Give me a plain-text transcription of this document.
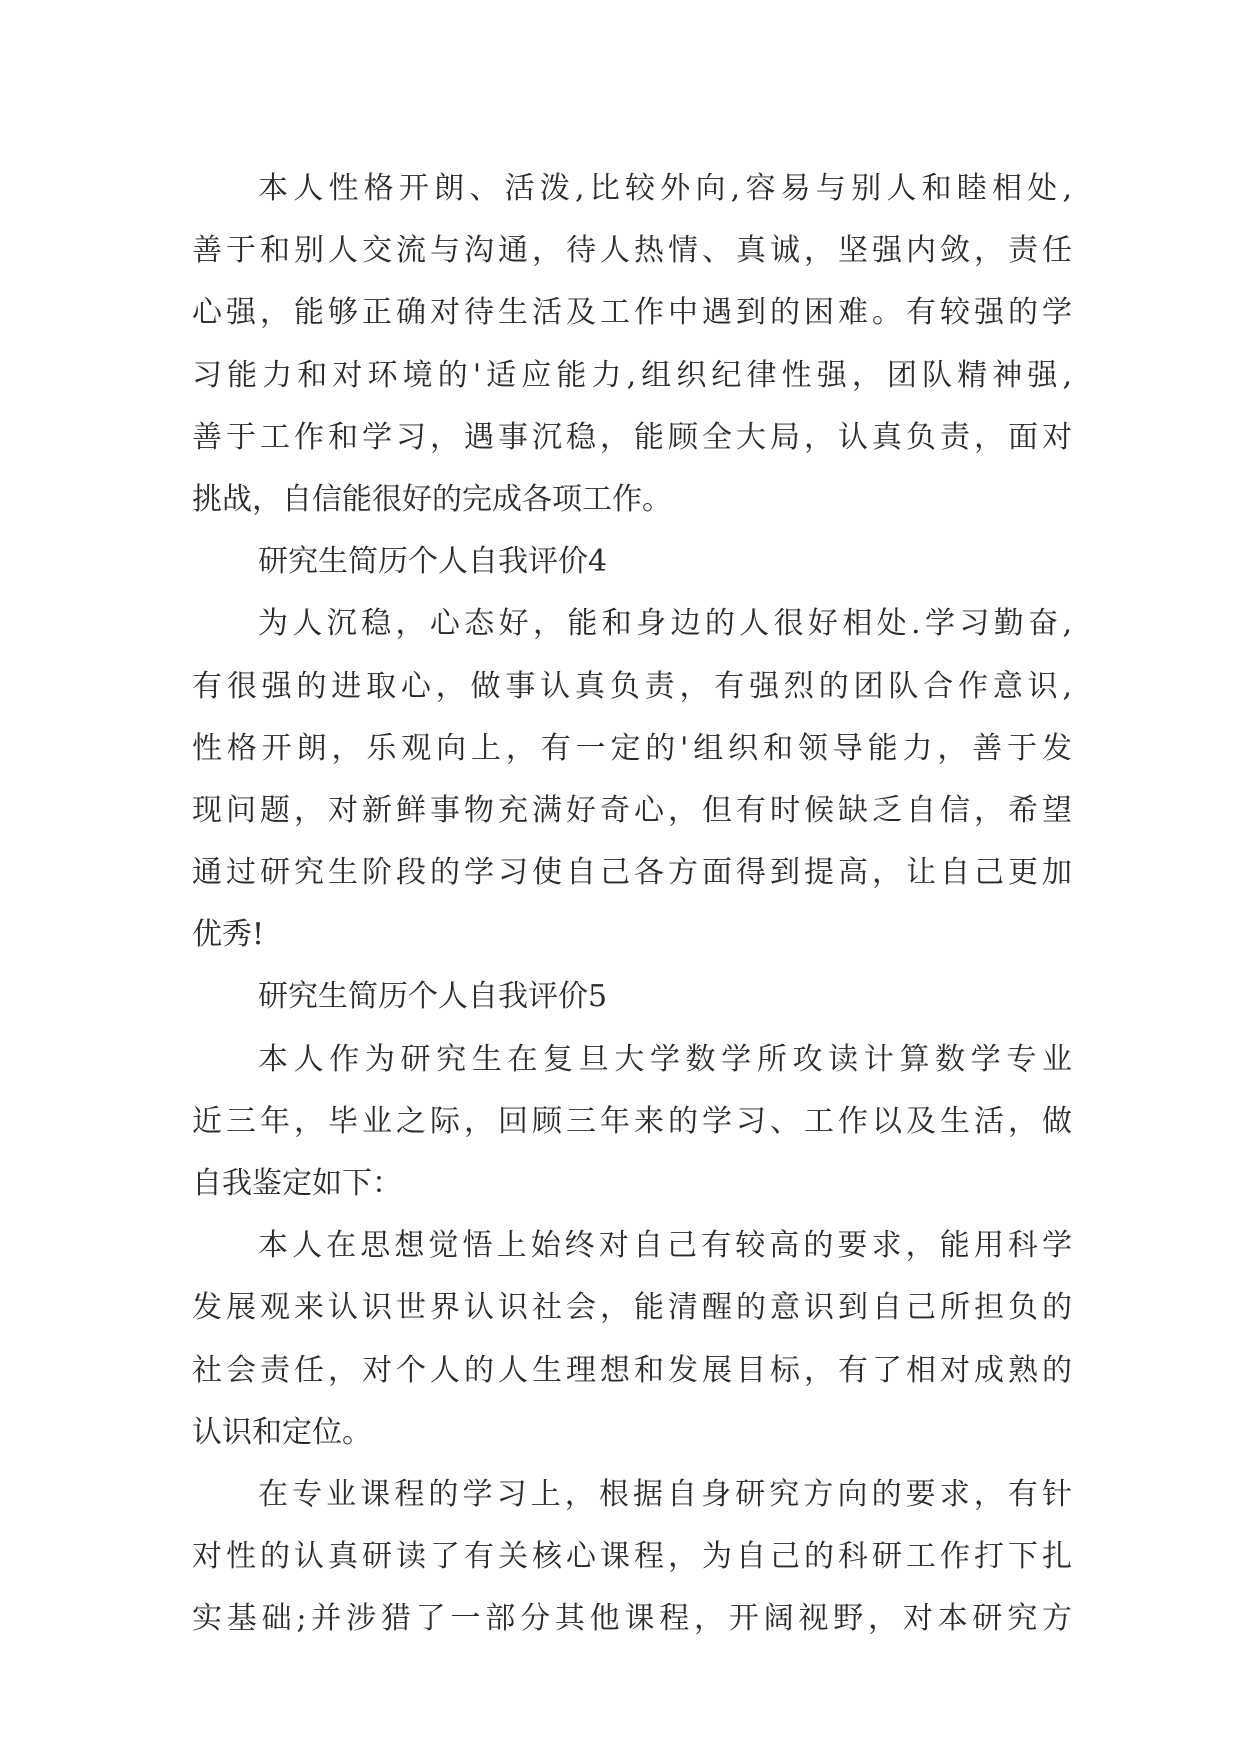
本人性格开朗、活泼,比较外向,容易与别人和睦相处,
善于和别人交流与沟通，待人热情、真诚，坚强内敛，责任
心强，能够正确对待生活及工作中遇到的困难。有较强的学
习能力和对环境的'适应能力,组织纪律性强，团队精神强,
善于工作和学习，遇事沉稳，能顾全大局，认真负责，面对
挑战，自信能很好的完成各项工作。
研究生简历个人自我评价4
为人沉稳，心态好，能和身边的人很好相处.学习勤奋,
有很强的进取心，做事认真负责，有强烈的团队合作意识,
性格开朗，乐观向上，有一定的'组织和领导能力，善于发
现问题，对新鲜事物充满好奇心，但有时候缺乏自信，希望
通过研究生阶段的学习使自己各方面得到提高，让自己更加
优秀!
研究生简历个人自我评价5
本人作为研究生在复旦大学数学所攻读计算数学专业
近三年，毕业之际，回顾三年来的学习、工作以及生活，做
自我鉴定如下：
本人在思想觉悟上始终对自己有较高的要求，能用科学
发展观来认识世界认识社会，能清醒的意识到自己所担负的
社会责任，对个人的人生理想和发展目标，有了相对成熟的
认识和定位。
在专业课程的学习上，根据自身研究方向的要求，有针
对性的认真研读了有关核心课程，为自己的科研工作打下扎
实基础;并涉猎了一部分其他课程，开阔视野，对本研究方
